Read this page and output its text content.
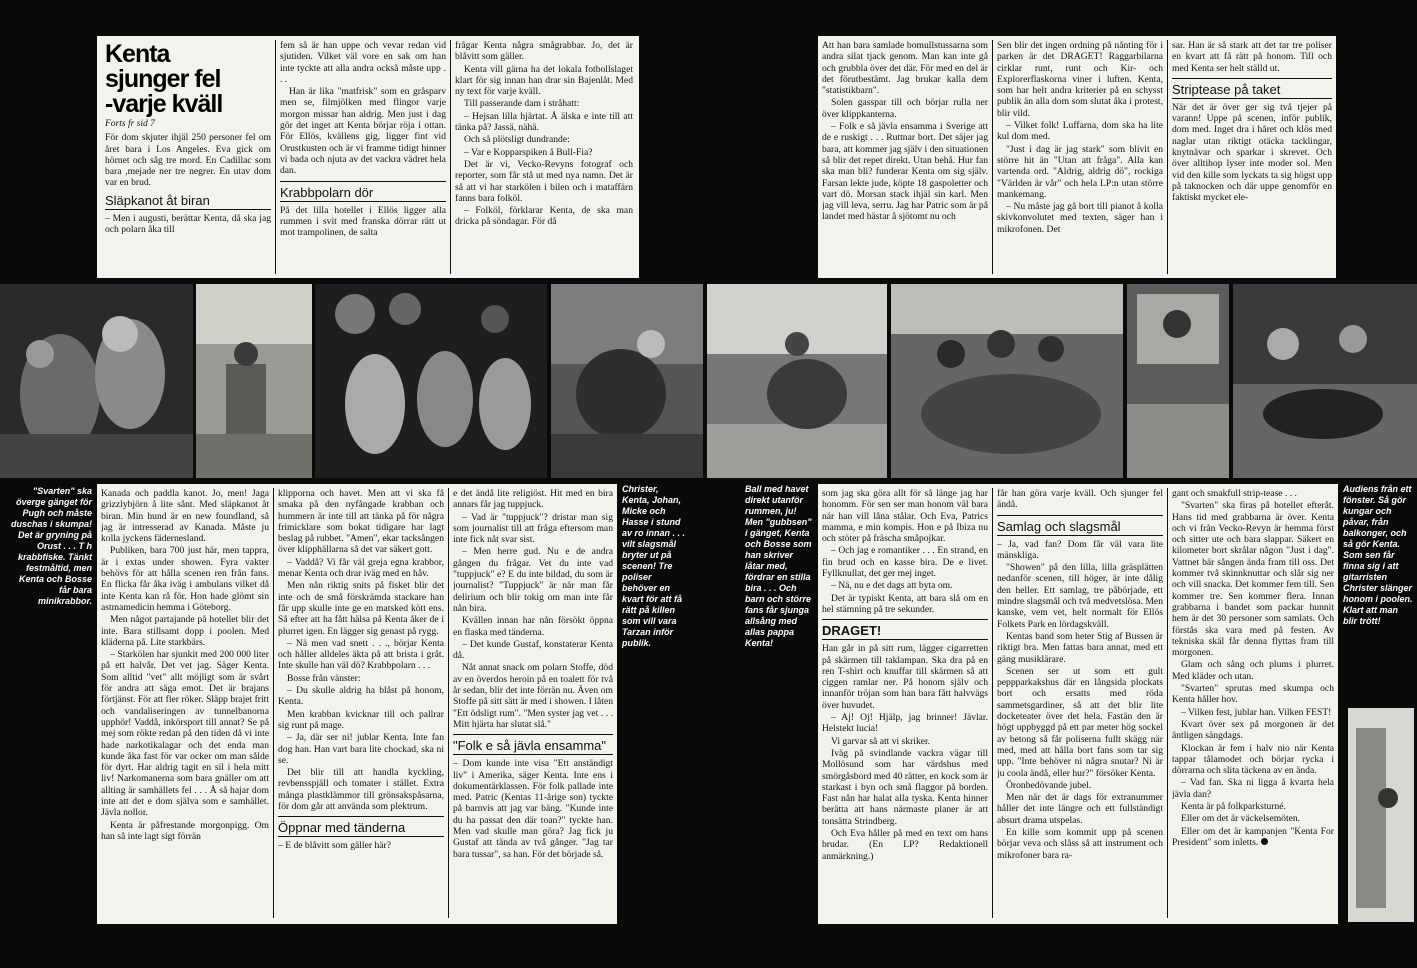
Kenta
sjunger fel
-varje kväll
Forts fr sid 7

För dom skjuter ihjäl 250 personer fel om året bara i Los Angeles. Eva gick om hörnet och såg tre mord. En Cadillac som bara ,mejade ner tre negrer. En utav dom var en brud.

Släpkanot åt biran

– Men i augusti, berättar Kenta, då ska jag och polarn åka till

fem så är han uppe och vevar redan vid sjutiden. Vilket väl vore en sak om han inte tyckte att alla andra också måste upp . . .

Han är lika "matfrisk" som en gråsparv men se, filmjölken med flingor varje morgon missar han aldrig. Men just i dag gör det inget att Kenta börjar röja i ottan. För Ellös, kvällens gig, ligger fint vid Orustkusten och är vi framme tidigt hinner vi bada och njuta av det vackra vädret hela dan.

Krabbpolarn dör

På det lilla hotellet i Ellös ligger alla rummen i svit med franska dörrar rätt ut mot trampolinen, de salta

frågar Kenta några smågrabbar. Jo, det är blåvitt som gäller.

Kenta vill gärna ha det lokala fotbollslaget klart för sig innan han drar sin Bajenlåt. Med ny text för varje kväll.

Till passerande dam i stråhatt:

– Hejsan lilla hjärtat. Å älska e inte till att tänka på? Jassä, nähä.

Och så plötsligt dundrande:

– Var e Kopparspiken å Bull-Fia?

Det är vi, Vecko-Revyns fotograf och reporter, som får stå ut med nya namn. Det är så att vi har starkölen i bilen och i mataffärn fanns bara folköl.

– Folköl, förklarar Kenta, de ska man dricka på söndagar. För då

Att han bara samlade bomullstussarna som andra silat tjack genom. Man kan inte gå och grubbla över det där. För med en del är det förutbestämt. Jag brukar kalla dem "statistikbarn".

Solen gasspar till och börjar rulla ner över klippkanterna.

– Folk e så jävla ensamma i Sverige att de e ruskigt . . . Ruttnar bort. Det säjer jag bara, att kommer jag själv i den situationen så blir det repet direkt. Utan behå. Hur fan ska man bli? funderar Kenta om sig själv. Farsan lekte jude, köpte 18 gaspoletter och vart dö. Morsan stack ihjäl sin karl. Men jag vill leva, serru. Jag har Patric som är på landet med hästar å sjötomt nu och

Sen blir det ingen ordning på nånting för i parken är det DRAGET! Raggarbilarna cirklar runt, runt och Kir- och Explorerflaskorna viner i luften. Kenta, som har helt andra kriterier på en schysst publik än alla dom som slutat åka i protest, blir vild.

– Vilket folk! Luffarna, dom ska ha lite kul dom med.

"Just i dag är jag stark" som blivit en större hit än "Utan att fråga". Alla kan vartenda ord. "Aldrig, aldrig dö", rockiga "Världen är vår" och hela LP:n utan större mankemang.

– Nu måste jag gå bort till pianot å kolla skivkonvolutet med texten, säger han i mikrofonen. Det

sar. Han är så stark att det tar tre poliser en kvart att få rätt på honom. Till och med Kenta ser helt ställd ut.

Striptease på taket

När det är över ger sig två tjejer på varann! Uppe på scenen, inför publik, dom med. Inget dra i håret och klös med naglar utan riktigt otäcka tacklingar, knytnävar och sparkar i skrevet. Och över alltihop lyser inte moder sol. Men vid den kille som lyckats ta sig högst upp på taknocken och där uppe genomför en faktiskt mycket ele-

"Svarten" ska överge gänget för Pugh och måste duschas i skumpa! Det är gryning på Orust . . . T h krabbfiske. Tänkt festmåltid, men Kenta och Bosse får bara minikrabbor.
Christer, Kenta, Johan, Micke och Hasse i stund av ro innan . . . vilt slagsmål bryter ut på scenen! Tre poliser behöver en kvart för att få rätt på killen som vill vara Tarzan inför publik.
Ball med havet direkt utanför rummen, ju! Men "gubbsen" i gänget, Kenta och Bosse som han skriver låtar med, fördrar en stilla bira . . . Och barn och större fans får sjunga allsång med allas pappa Kenta!
Audiens från ett fönster. Så gör kungar och påvar, från balkonger, och så gör Kenta. Som sen får finna sig i att gitarristen Christer slänger honom i poolen. Klart att man blir trött!

Kanada och paddla kanot. Jo, men! Jaga grizzlybjörn å lite sånt. Med släpkanot åt biran. Min hund är en new foundland, så jag är intresserad av Kanada. Måste ju kolla jyckens fädernesland.

Publiken, bara 700 just här, men tappra, är i extas under showen. Fyra vakter behövs för att hålla scenen ren från fans. En flicka får åka iväg i ambulans vilket då inte Kenta kan rå för. Hon hade glömt sin astmamedicin hemma i Göteborg.

Men något partajande på hotellet blir det inte. Bara stillsamt dopp i poolen. Med kläderna på. Lite starkbärs.

– Starkölen har sjunkit med 200 000 liter på ett halvår. Det vet jag. Säger Kenta. Som alltid "vet" allt möjligt som är svårt för andra att säga emot. Det är brajans förtjänst. För att fler röker. Släpp brajet fritt och vandaliseringen av tunnelbanorna upphör! Vaddå, inkörsport till annat? Se på mej som rökte redan på den tiden då vi inte hade narkotikalagar och det enda man kunde åka fast för var ocker om man sålde för dyrt. Har aldrig tagit en sil i hela mitt liv! Narkomanerna som bara gnäller om att allting är samhällets fel . . . Å så hajar dom inte att det e dom själva som e samhället. Jävla nollor.

Kenta är påfrestande morgonpigg. Om han så inte lagt sigt förrän

klipporna och havet. Men att vi ska få smaka på den nyfångade krabban och hummern är inte till att tänka på för några frimicklare som bokat tidigare har lagt beslag på rubbet. "Amen", ekar tacksången över klipphällarna så det var säkert gott.

– Vaddå? Vi får väl greja egna krabbor, menar Kenta och drar iväg med en håv.

Men nån riktig snits på fisket blir det inte och de små förskrämda stackare han får upp skulle inte ge en matsked kött ens. Så efter att ha fått hälsa på Kenta åker de i plurret igen. En lägger sig genast på rygg.

– Nä men vad snett . . ., börjar Kenta och håller alldeles äkta på att brista i gråt. Inte skulle han väl dö? Krabbpolarn . . .

Bosse från vänster:

– Du skulle aldrig ha blåst på honom, Kenta.

Men krabban kvicknar till och pallrar sig runt på mage.

– Ja, där ser ni! jublar Kenta. Inte fan dog han. Han vart bara lite chockad, ska ni se.

Det blir till att handla kyckling, revbensspjäll och tomater i stället. Extra många plastklämmor till grönsakspåsarna, för dom går att använda som plektrum.

Öppnar med tänderna

– E de blåvitt som gäller här?

e det ändå lite religiöst. Hit med en bira annars får jag tuppjuck.

– Vad är "tuppjuck"? dristar man sig som journalist till att fråga eftersom man inte fick nåt svar sist.

– Men herre gud. Nu e de andra gången du frågar. Vet du inte vad "tuppjuck" e? E du inte bildad, du som är journalist? "Tuppjuck" är när man får delirium och blir tokig om man inte får nån bira.

Kvällen innan har nån försökt öppna en flaska med tänderna.

– Det kunde Gustaf, konstaterar Kenta då.

Nåt annat snack om polarn Stoffe, död av en överdos heroin på en toalett för två år sedan, blir det inte förrän nu. Även om Stoffe på sitt sätt är med i showen. I låten "Ett ödsligt rum". "Men syster jag vet . . . Mitt hjärta har slutat slå."

"Folk e så jävla ensamma"

– Dom kunde inte visa "Ett anständigt liv" i Amerika, säger Kenta. Inte ens i dokumentärklassen. För folk pallade inte med. Patric (Kentas 11-årige son) tyckte på barnvis att jag var bäng. "Kunde inte du ha passat den där toan?" tyckte han. Men vad skulle man göra? Jag fick ju Gustaf att tända av två gånger. "Jag tar bara tussar", sa han. För det började så.

som jag ska göra allt för så länge jag har honomm. För sen ser man honom väl bara när han vill låna stålar. Och Eva, Patrics mamma, e min kompis. Hon e på Ibiza nu och stöter på fräscha småpojkar.

– Och jag e romantiker . . . En strand, en fin brud och en kasse bira. De e livet. Fyllknullat, det ger mej inget.

– Nä, nu e det dags att byta om.

Det är typiskt Kenta, att bara slå om en hel stämning på tre sekunder.

DRAGET!

Han går in på sitt rum, lägger cigarretten på skärmen till taklampan. Ska dra på en ren T-shirt och knuffar till skärmen så att ciggen ramlar ner. På honom själv och innanför tröjan som han bara fått halvvägs över huvudet.

– Aj! Oj! Hjälp, jag brinner! Jävlar. Helstekt lucia!

Vi garvar så att vi skriker.

Iväg på svindlande vackra vägar till Mollösund som har värdshus med smörgåsbord med 40 rätter, en kock som är starkast i byn och små flaggor på borden. Fast nån har halat alla tyska. Kenta hinner berätta att hans närmaste planer är att tonsätta Strindberg.

Och Eva håller på med en text om hans brudar. (En LP? Redaktionell anmärkning.)

får han göra varje kväll. Och sjunger fel ändå.

Samlag och slagsmål

– Ja, vad fan? Dom får väl vara lite mänskliga.

"Showen" på den lilla, lilla gräsplätten nedanför scenen, till höger, är inte dålig den heller. Ett samlag, tre påbörjade, ett mindre slagsmål och två medvetslösa. Men kanske, vem vet, helt normalt för Ellös Folkets Park en lördagskväll.

Kentas band som heter Stig af Bussen är riktigt bra. Men fattas bara annat, med ett gäng musiklärare.

Scenen ser ut som ett gult peppparkakshus där en långsida plockats bort och ersatts med röda sammetsgardiner, så att det blir lite docketeater över det hela. Fastän den är högt uppbyggd på ett par meter hög sockel av betong så får poliserna fullt skägg när med, med att hålla bort fans som tar sig upp. "Inte behöver ni några snutar? Ni är ju coola ändå, eller hur?" försöker Kenta.

Öronbedövande jubel.

Men när det är dags för extranummer håller det inte längre och ett fullständigt absurt drama utspelas.

En kille som kommit upp på scenen börjar veva och slåss så att instrument och mikrofoner bara ra-

gant och smakfull strip-tease . . .

"Svarten" ska firas på hotellet efteråt. Hans tid med grabbarna är över. Kenta och vi från Vecko-Revyn är hemma först och sitter ute och bara slappar. Säkert en kilometer bort skrålar någon "Just i dag". Vattnet bär sången ända fram till oss. Det kommer två skinnknuttar och slår sig ner och vill snacka. Det kommer fem till. Sen kommer tre. Sen kommer flera. Innan grabbarna i bandet som packar hunnit hem är det 30 personer som samlats. Och förstås ska vara med på festen. Av tekniska skäl får denna flyttas fram till morgonen.

Glam och sång och plums i plurret. Med kläder och utan.

"Svarten" sprutas med skumpa och Kenta håller hov.

– Vilken fest, jublar han. Vilken FEST!

Kvart över sex på morgonen är det äntligen sängdags.

Klockan är fem i halv nio när Kenta tappar tålamodet och börjar rycka i dörrarna och slita täckena av en ända.

– Vad fan. Ska ni ligga å kvarta hela jävla dan?

Kenta är på folkparksturné.

Eller om det är väckelsemöten.

Eller om det är kampanjen "Kenta For President" som inletts.
